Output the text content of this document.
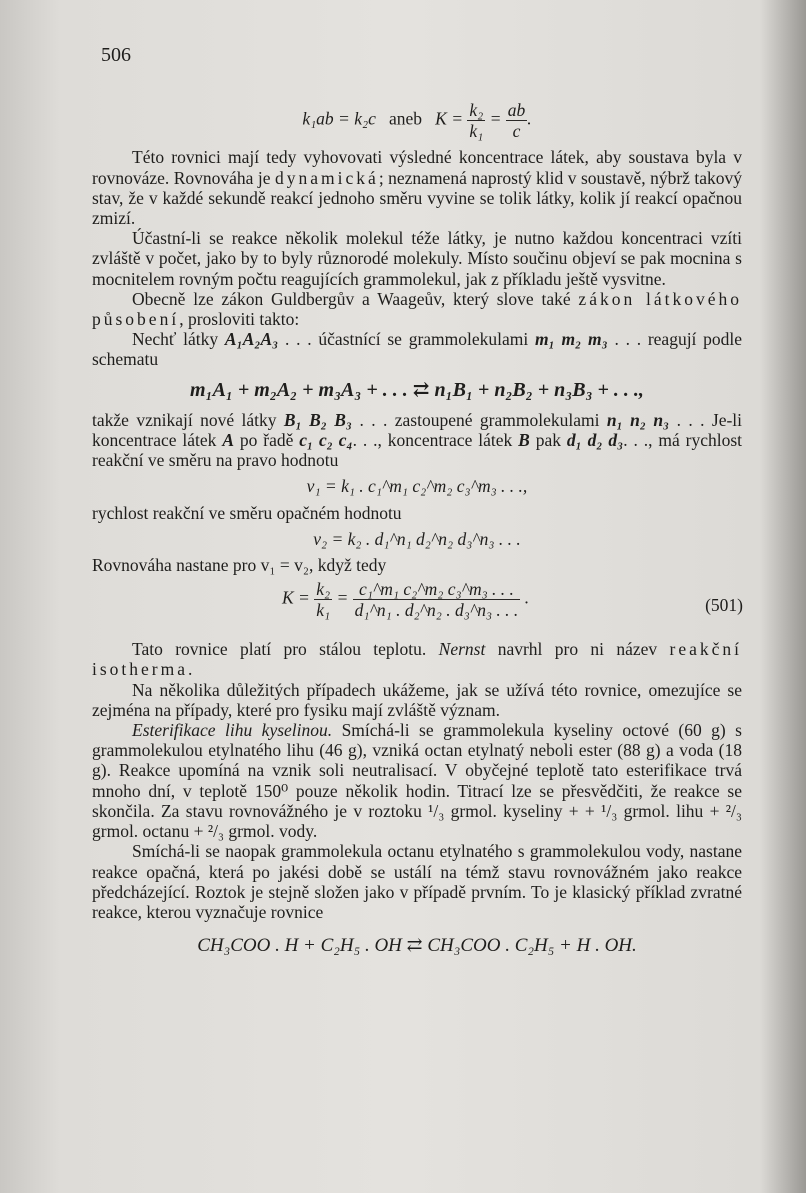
506
k₁ab = k₂c aneb $K = \frac{\text{k₂}}{\text{k₁}} = \frac{ab}{c}$ .

Této rovnici mají tedy vyhovovati výsledné koncentrace látek, aby soustava byla v rovnováze. Rovnováha je dynamická; neznamená naprostý klid v soustavě, nýbrž takový stav, že v každé sekundě reakcí jednoho směru vyvine se tolik látky, kolik jí reakcí opačnou zmizí.

Účastní-li se reakce několik molekul téže látky, je nutno každou koncentraci vzíti zvláště v počet, jako by to byly různorodé molekuly. Místo součinu objeví se pak mocnina s mocnitelem rovným počtu reagujících grammolekul, jak z příkladu ještě vysvitne.

Obecně lze zákon Guldbergův a Waageův, který slove také zákon látkového působení, prosloviti takto:

Nechť látky A₁A₂A₃ . . . účastnící se grammolekulami m₁ m₂ m₃ . . . reagují podle schematu

m₁A₁ + m₂A₂ + m₃A₃ + . . . ⇄ n₁B₁ + n₂B₂ + n₃B₃ + . . .,

takže vznikají nové látky B₁ B₂ B₃ . . . zastoupené grammolekulami n₁ n₂ n₃ . . . Je-li koncentrace látek A po řadě c₁ c₂ c₄. . ., koncentrace látek B pak d₁ d₂ d₃. . ., má rychlost reakční ve směru na pravo hodnotu

v₁ = k₁ . c₁^m₁ c₂^m₂ c₃^m₃ . . .,

rychlost reakční ve směru opačném hodnotu

v₂ = k₂ . d₁^n₁ d₂^n₂ d₃^n₃ . . .

Rovnováha nastane pro v₁ = v₂, když tedy

$K = \frac{\text{k₂}}{\text{k₁}} = \frac{\text{c₁\textasciicircum{}m₁ c₂\textasciicircum{}m₂ c₃\textasciicircum{}m₃ . . .}}{\text{d₁\textasciicircum{}n₁ . d₂\textasciicircum{}n₂ . d₃\textasciicircum{}n₃ . . .}}$ .	(501)

Tato rovnice platí pro stálou teplotu. Nernst navrhl pro ni název reakční isotherma.

Na několika důležitých případech ukážeme, jak se užívá této rovnice, omezujíce se zejména na případy, které pro fysiku mají zvláště význam.

Esterifikace lihu kyselinou. Smíchá-li se grammolekula kyseliny octové (60 g) s grammolekulou etylnatého lihu (46 g), vzniká octan etylnatý neboli ester (88 g) a voda (18 g). Reakce upomíná na vznik soli neutralisací. V obyčejné teplotě tato esterifikace trvá mnoho dní, v teplotě 150⁰ pouze několik hodin. Titrací lze se přesvědčiti, že reakce se skončila. Za stavu rovnovážného je v roztoku ¹/₃ grmol. kyseliny + + ¹/₃ grmol. lihu + ²/₃ grmol. octanu + ²/₃ grmol. vody.

Smíchá-li se naopak grammolekula octanu etylnatého s grammolekulou vody, nastane reakce opačná, která po jakési době se ustálí na témž stavu rovnovážném jako reakce předcházející. Roztok je stejně složen jako v případě prvním. To je klasický příklad zvratné reakce, kterou vyznačuje rovnice

CH₃COO . H + C₂H₅ . OH ⇄ CH₃COO . C₂H₅ + H . OH.
